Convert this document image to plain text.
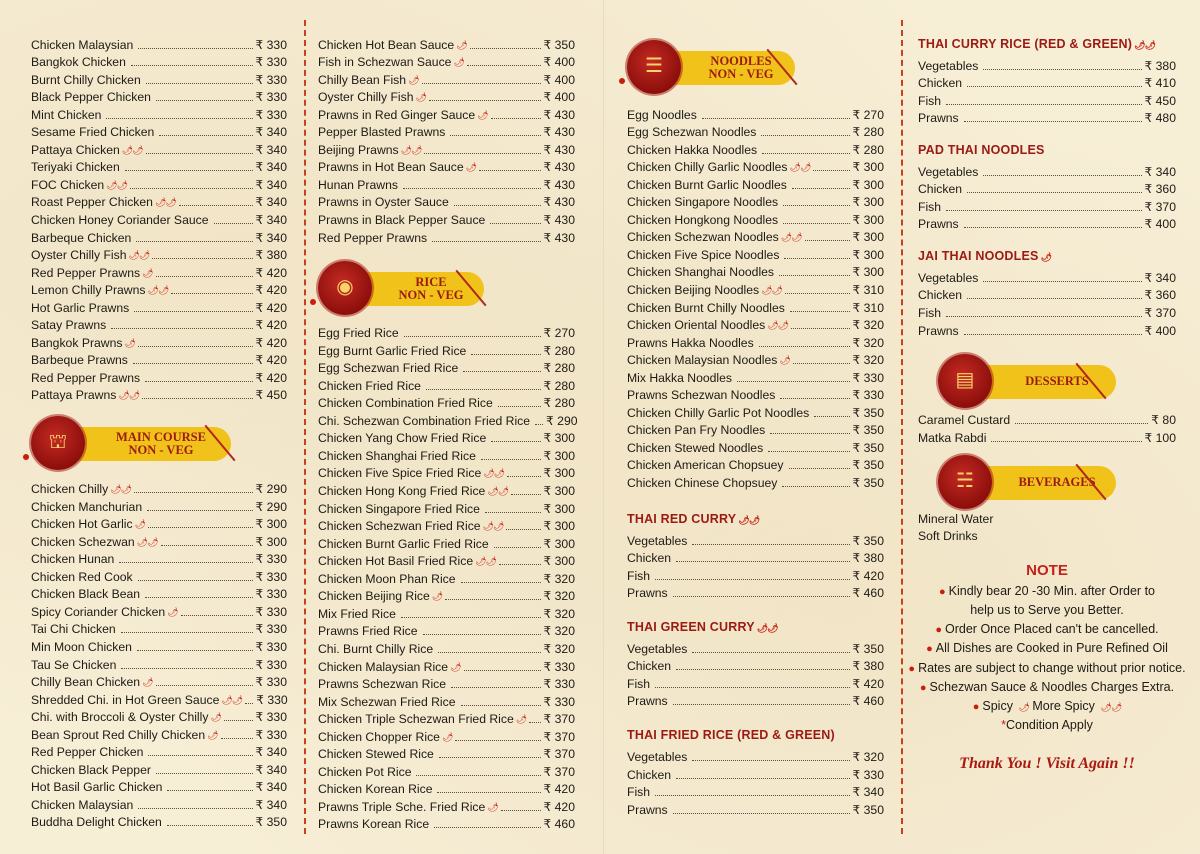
Chicken Malaysian	₹ 330
Bangkok Chicken	₹ 330
Burnt Chilly Chicken	₹ 330
Black Pepper Chicken	₹ 330
Mint Chicken	₹ 330
Sesame Fried Chicken	₹ 340
Pattaya Chicken 🌶🌶	₹ 340
Teriyaki Chicken	₹ 340
FOC Chicken 🌶🌶	₹ 340
Roast Pepper Chicken 🌶🌶	₹ 340
Chicken Honey Coriander Sauce	₹ 340
Barbeque Chicken	₹ 340
Oyster Chilly Fish 🌶🌶	₹ 380
Red Pepper Prawns 🌶	₹ 420
Lemon Chilly Prawns 🌶🌶	₹ 420
Hot Garlic Prawns	₹ 420
Satay Prawns	₹ 420
Bangkok Prawns 🌶	₹ 420
Barbeque Prawns	₹ 420
Red Pepper Prawns	₹ 420
Pattaya Prawns 🌶🌶	₹ 450
MAIN COURSE
NON - VEG
⛫
Chicken Chilly 🌶🌶	₹ 290
Chicken Manchurian	₹ 290
Chicken Hot Garlic 🌶	₹ 300
Chicken Schezwan 🌶🌶	₹ 300
Chicken Hunan	₹ 330
Chicken Red Cook	₹ 330
Chicken Black Bean	₹ 330
Spicy Coriander Chicken 🌶	₹ 330
Tai Chi Chicken	₹ 330
Min Moon Chicken	₹ 330
Tau Se Chicken	₹ 330
Chilly Bean Chicken 🌶	₹ 330
Shredded Chi. in Hot Green Sauce 🌶🌶 ₹ 330
Chi. with Broccoli & Oyster Chilly 🌶	₹ 330
Bean Sprout Red Chilly Chicken 🌶	₹ 330
Red Pepper Chicken	₹ 340
Chicken Black Pepper	₹ 340
Hot Basil Garlic Chicken	₹ 340
Chicken Malaysian	₹ 340
Buddha Delight Chicken	₹ 350
Chicken Hot Bean Sauce 🌶	₹ 350
Fish in Schezwan Sauce 🌶	₹ 400
Chilly Bean Fish 🌶	₹ 400
Oyster Chilly Fish 🌶	₹ 400
Prawns in Red Ginger Sauce 🌶	₹ 430
Pepper Blasted Prawns	₹ 430
Beijing Prawns 🌶🌶	₹ 430
Prawns in Hot Bean Sauce 🌶	₹ 430
Hunan Prawns	₹ 430
Prawns in Oyster Sauce	₹ 430
Prawns in Black Pepper Sauce	₹ 430
Red Pepper Prawns	₹ 430
RICE
NON - VEG
◉
Egg Fried Rice	₹ 270
Egg Burnt Garlic Fried Rice	₹ 280
Egg Schezwan Fried Rice	₹ 280
Chicken Fried Rice	₹ 280
Chicken Combination Fried Rice	₹ 280
Chi. Schezwan Combination Fried Rice ₹ 290
Chicken Yang Chow Fried Rice	₹ 300
Chicken Shanghai Fried Rice	₹ 300
Chicken Five Spice Fried Rice 🌶🌶	₹ 300
Chicken Hong Kong Fried Rice 🌶🌶	₹ 300
Chicken Singapore Fried Rice	₹ 300
Chicken Schezwan Fried Rice 🌶🌶	₹ 300
Chicken Burnt Garlic Fried Rice	₹ 300
Chicken Hot Basil Fried Rice 🌶🌶	₹ 300
Chicken Moon Phan Rice	₹ 320
Chicken Beijing Rice 🌶	₹ 320
Mix Fried Rice	₹ 320
Prawns Fried Rice	₹ 320
Chi. Burnt Chilly Rice	₹ 320
Chicken Malaysian Rice 🌶	₹ 330
Prawns Schezwan Rice	₹ 330
Mix Schezwan Fried Rice	₹ 330
Chicken Triple Schezwan Fried Rice 🌶 ₹ 370
Chicken Chopper Rice 🌶	₹ 370
Chicken Stewed Rice	₹ 370
Chicken Pot Rice	₹ 370
Chicken Korean Rice	₹ 420
Prawns Triple Sche. Fried Rice 🌶	₹ 420
Prawns Korean Rice	₹ 460
NOODLES
NON - VEG
☰
Egg Noodles	₹ 270
Egg Schezwan Noodles	₹ 280
Chicken Hakka Noodles	₹ 280
Chicken Chilly Garlic Noodles 🌶🌶	₹ 300
Chicken Burnt Garlic Noodles	₹ 300
Chicken Singapore Noodles	₹ 300
Chicken Hongkong Noodles	₹ 300
Chicken Schezwan Noodles 🌶🌶	₹ 300
Chicken Five Spice Noodles	₹ 300
Chicken Shanghai Noodles	₹ 300
Chicken Beijing Noodles 🌶🌶	₹ 310
Chicken Burnt Chilly Noodles	₹ 310
Chicken Oriental Noodles 🌶🌶	₹ 320
Prawns Hakka Noodles	₹ 320
Chicken Malaysian Noodles 🌶	₹ 320
Mix Hakka Noodles	₹ 330
Prawns Schezwan Noodles	₹ 330
Chicken Chilly Garlic Pot Noodles	₹ 350
Chicken Pan Fry Noodles	₹ 350
Chicken Stewed Noodles	₹ 350
Chicken American Chopsuey	₹ 350
Chicken Chinese Chopsuey	₹ 350
THAI RED CURRY 🌶🌶
Vegetables	₹ 350
Chicken	₹ 380
Fish	₹ 420
Prawns	₹ 460
THAI GREEN CURRY 🌶🌶
Vegetables	₹ 350
Chicken	₹ 380
Fish	₹ 420
Prawns	₹ 460
THAI FRIED RICE (RED & GREEN)
Vegetables	₹ 320
Chicken	₹ 330
Fish	₹ 340
Prawns	₹ 350
THAI CURRY RICE (RED & GREEN) 🌶🌶
Vegetables	₹ 380
Chicken	₹ 410
Fish	₹ 450
Prawns	₹ 480
PAD THAI NOODLES
Vegetables	₹ 340
Chicken	₹ 360
Fish	₹ 370
Prawns	₹ 400
JAI THAI NOODLES 🌶
Vegetables	₹ 340
Chicken	₹ 360
Fish	₹ 370
Prawns	₹ 400
DESSERTS
▤
Caramel Custard	₹ 80
Matka Rabdi	₹ 100
BEVERAGES
☵
Mineral Water
Soft Drinks
NOTE
● Kindly bear 20 -30 Min. after Order to
help us to Serve you Better.
● Order Once Placed can't be cancelled.
● All Dishes are Cooked in Pure Refined Oil
● Rates are subject to change without prior notice.
● Schezwan Sauce & Noodles Charges Extra.
● Spicy 🌶 More Spicy 🌶🌶
*Condition Apply
Thank You ! Visit Again !!
